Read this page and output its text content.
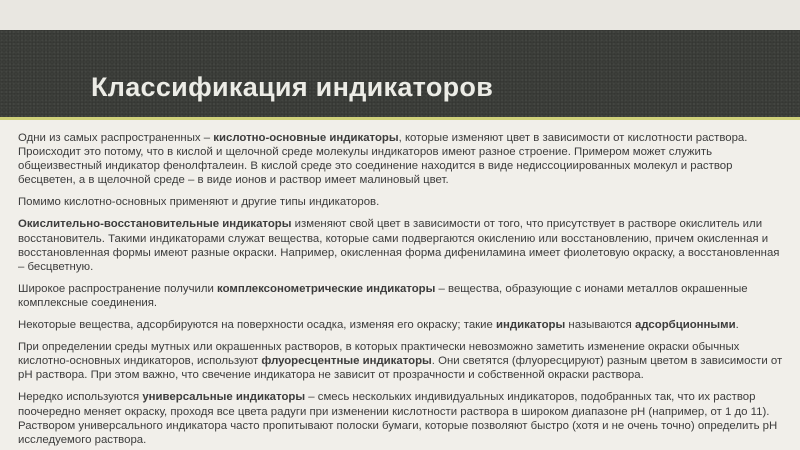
Классификация индикаторов

Одни из самых распространенных – кислотно-основные индикаторы, которые изменяют цвет в зависимости от кислотности раствора. Происходит это потому, что в кислой и щелочной среде молекулы индикаторов имеют разное строение. Примером может служить общеизвестный индикатор фенолфталеин. В кислой среде это соединение находится в виде недиссоциированных молекул и раствор бесцветен, а в щелочной среде – в виде ионов и раствор имеет малиновый цвет.

Помимо кислотно-основных применяют и другие типы индикаторов.

Окислительно-восстановительные индикаторы изменяют свой цвет в зависимости от того, что присутствует в растворе окислитель или восстановитель. Такими индикаторами служат вещества, которые сами подвергаются окислению или восстановлению, причем окисленная и восстановленная формы имеют разные окраски. Например, окисленная форма дифениламина имеет фиолетовую окраску, а восстановленная – бесцветную.

Широкое распространение получили комплексонометрические индикаторы – вещества, образующие с ионами металлов окрашенные комплексные соединения.

Некоторые вещества, адсорбируются на поверхности осадка, изменяя его окраску; такие индикаторы называются адсорбционными.

При определении среды мутных или окрашенных растворов, в которых практически невозможно заметить изменение окраски обычных кислотно-основных индикаторов, используют флуоресцентные индикаторы. Они светятся (флуоресцируют) разным цветом в зависимости от pH раствора. При этом важно, что свечение индикатора не зависит от прозрачности и собственной окраски раствора.

Нередко используются универсальные индикаторы – смесь нескольких индивидуальных индикаторов, подобранных так, что их раствор поочередно меняет окраску, проходя все цвета радуги при изменении кислотности раствора в широком диапазоне pH (например, от 1 до 11). Раствором универсального индикатора часто пропитывают полоски бумаги, которые позволяют быстро (хотя и не очень точно) определить pH исследуемого раствора.
